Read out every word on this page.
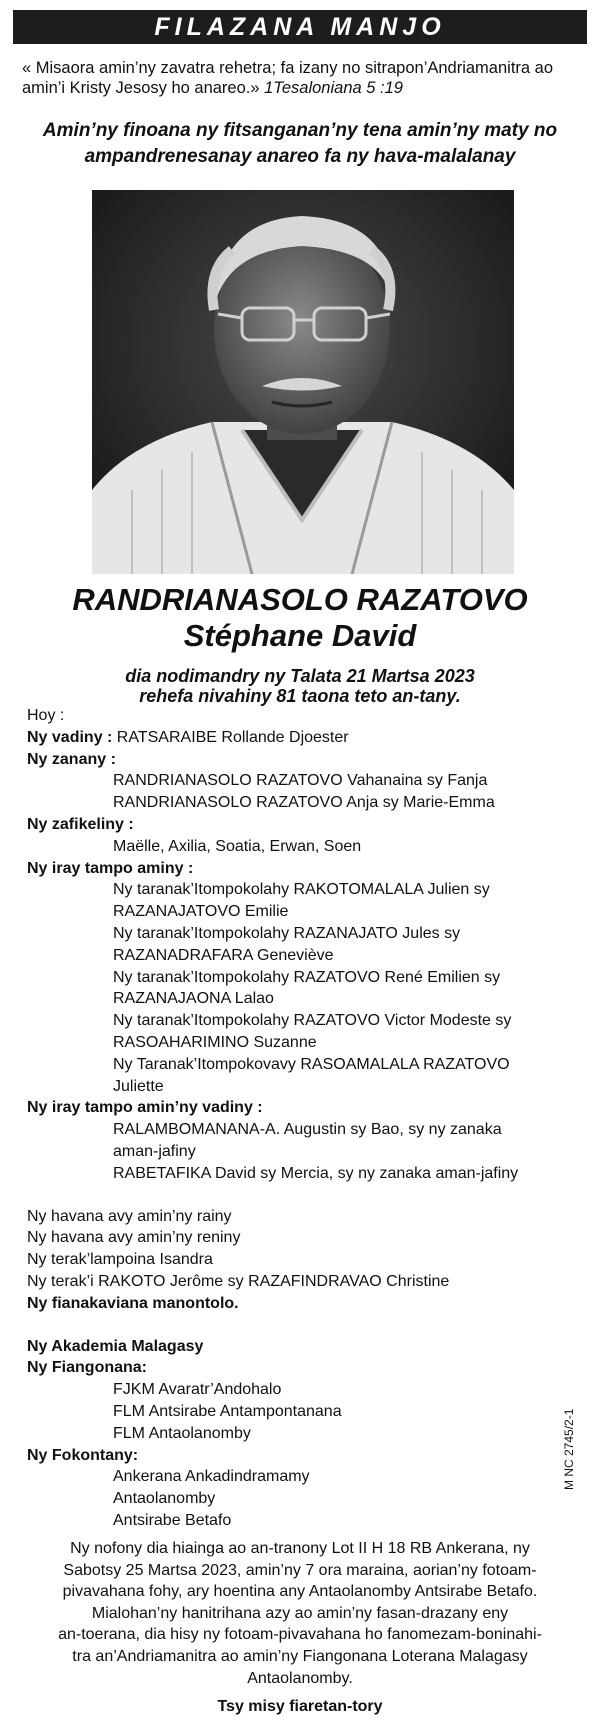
FILAZANA MANJO
« Misaora amin’ny zavatra rehetra; fa izany no sitrapon’Andriamanitra ao amin’i Kristy Jesosy ho anareo.» 1Tesaloniana 5 :19
Amin’ny finoana ny fitsanganan’ny tena amin’ny maty no
ampandrenesanay anareo fa ny hava-malalanay
RANDRIANASOLO RAZATOVO
Stéphane David
dia nodimandry ny Talata 21 Martsa 2023
rehefa nivahiny 81 taona teto an-tany.
Hoy :
Ny vadiny : RATSARAIBE Rollande Djoester
Ny zanany :
RANDRIANASOLO RAZATOVO Vahanaina sy Fanja
RANDRIANASOLO RAZATOVO Anja sy Marie-Emma
Ny zafikeliny :
Maëlle, Axilia, Soatia, Erwan, Soen
Ny iray tampo aminy :
Ny taranak’Itompokolahy RAKOTOMALALA Julien sy
RAZANAJATOVO Emilie
Ny taranak’Itompokolahy RAZANAJATO Jules sy
RAZANADRAFARA Geneviève
Ny taranak’Itompokolahy RAZATOVO René Emilien sy
RAZANAJAONA Lalao
Ny taranak’Itompokolahy RAZATOVO Victor Modeste sy
RASOAHARIMINO Suzanne
Ny Taranak’Itompokovavy RASOAMALALA RAZATOVO
Juliette
Ny iray tampo amin’ny vadiny :
RALAMBOMANANA-A. Augustin sy Bao, sy ny zanaka
aman-jafiny
RABETAFIKA David sy Mercia, sy ny zanaka aman-jafiny
Ny havana avy amin’ny rainy
Ny havana avy amin’ny reniny
Ny terak’lampoina Isandra
Ny terak’i RAKOTO Jerôme sy RAZAFINDRAVAO Christine
Ny fianakaviana manontolo.
Ny Akademia Malagasy
Ny Fiangonana:
FJKM Avaratr’Andohalo
FLM Antsirabe Antampontanana
FLM Antaolanomby
Ny Fokontany:
Ankerana Ankadindramamy
Antaolanomby
Antsirabe Betafo
M NC 2745/2-1
Ny nofony dia hiainga ao an-tranony Lot II H 18 RB Ankerana, ny
Sabotsy 25 Martsa 2023, amin’ny 7 ora maraina, aorian’ny fotoam-
pivavahana fohy, ary hoentina any Antaolanomby Antsirabe Betafo.
Mialohan’ny hanitrihana azy ao amin’ny fasan-drazany eny
an-toerana, dia hisy ny fotoam-pivavahana ho fanomezam-boninahi-
tra an’Andriamanitra ao amin’ny Fiangonana Loterana Malagasy
Antaolanomby.
Tsy misy fiaretan-tory
